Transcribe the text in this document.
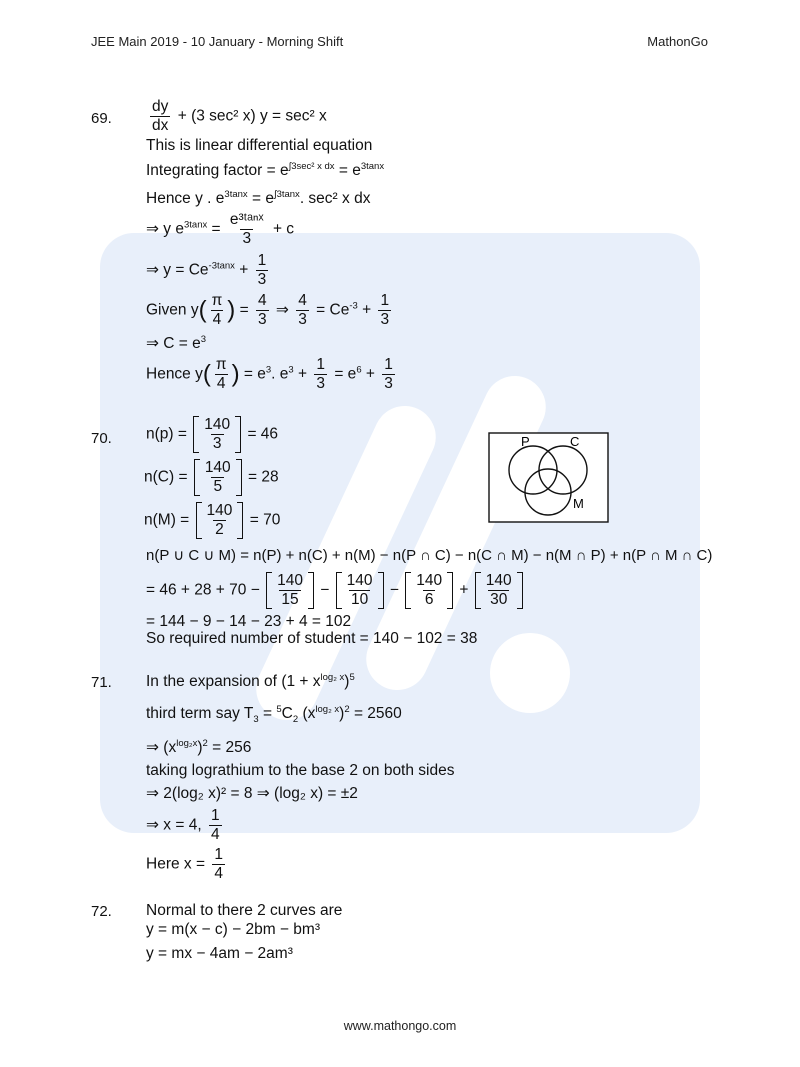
JEE Main 2019 - 10 January - Morning Shift	MathonGo
69. $\frac{dy}{dx} + (3$ sec² x) y = sec² x
This is linear differential equation
Integrating factor = $e^{\int 3sec^2 x dx} = e^{3tanx}$
Hence y . $e^{3tanx} = e^{\int 3tanx}$. sec² x dx
⇒ y $e^{3tanx} = \frac{\text{e³ᵗᵃⁿˣ}}{3} + c$
⇒ $y = Ce^{-3tanx} + \frac{1}{3}$
Given $y( \frac{\pi}{4}$ ) = $\frac{4}{3}$ ⇒ $\frac{4}{3} = Ce^{-3} + \frac{1}{3}$
⇒ $C = e^3$
Hence $y( \frac{\pi}{4}$ ) = $e^3$. $e^3 + \frac{1}{3} = e^6 + \frac{1}{3}$
70. $n(p) = \frac{140}{3} = 46$
$n(C) = \frac{140}{5} = 28$
$n(M) = \frac{140}{2} = 70$
n(P ∪ C ∪ M) = n(P) + n(C) + n(M) − n(P ∩ C) − n(C ∩ M) − n(M ∩ P) + n(P ∩ M ∩ C)
= $46 + 28 + 70 - \frac{140}{15} - \frac{140}{10} - \frac{140}{6} + \frac{140}{30}$
= 144 − 9 − 14 − 23 + 4 = 102
So required number of student = 140 − 102 = 38
P	C
M
71. In the expansion of $(1 + x^{log_2 x})^5$
third term say $T_3 = ^5C_2$ $(x^{log_2 x})^2 = 2560$
⇒ $(x^{log_2x})^2 = 256$
taking lograthium to the base 2 on both sides
⇒ 2(log₂ x)² = 8 ⇒ (log₂ x) = ±2
⇒ x = 4, $\frac{1}{4}$
Here $x = \frac{1}{4}$
72. Normal to there 2 curves are
y = m(x − c) − 2bm − bm³
y = mx − 4am − 2am³
www.mathongo.com
